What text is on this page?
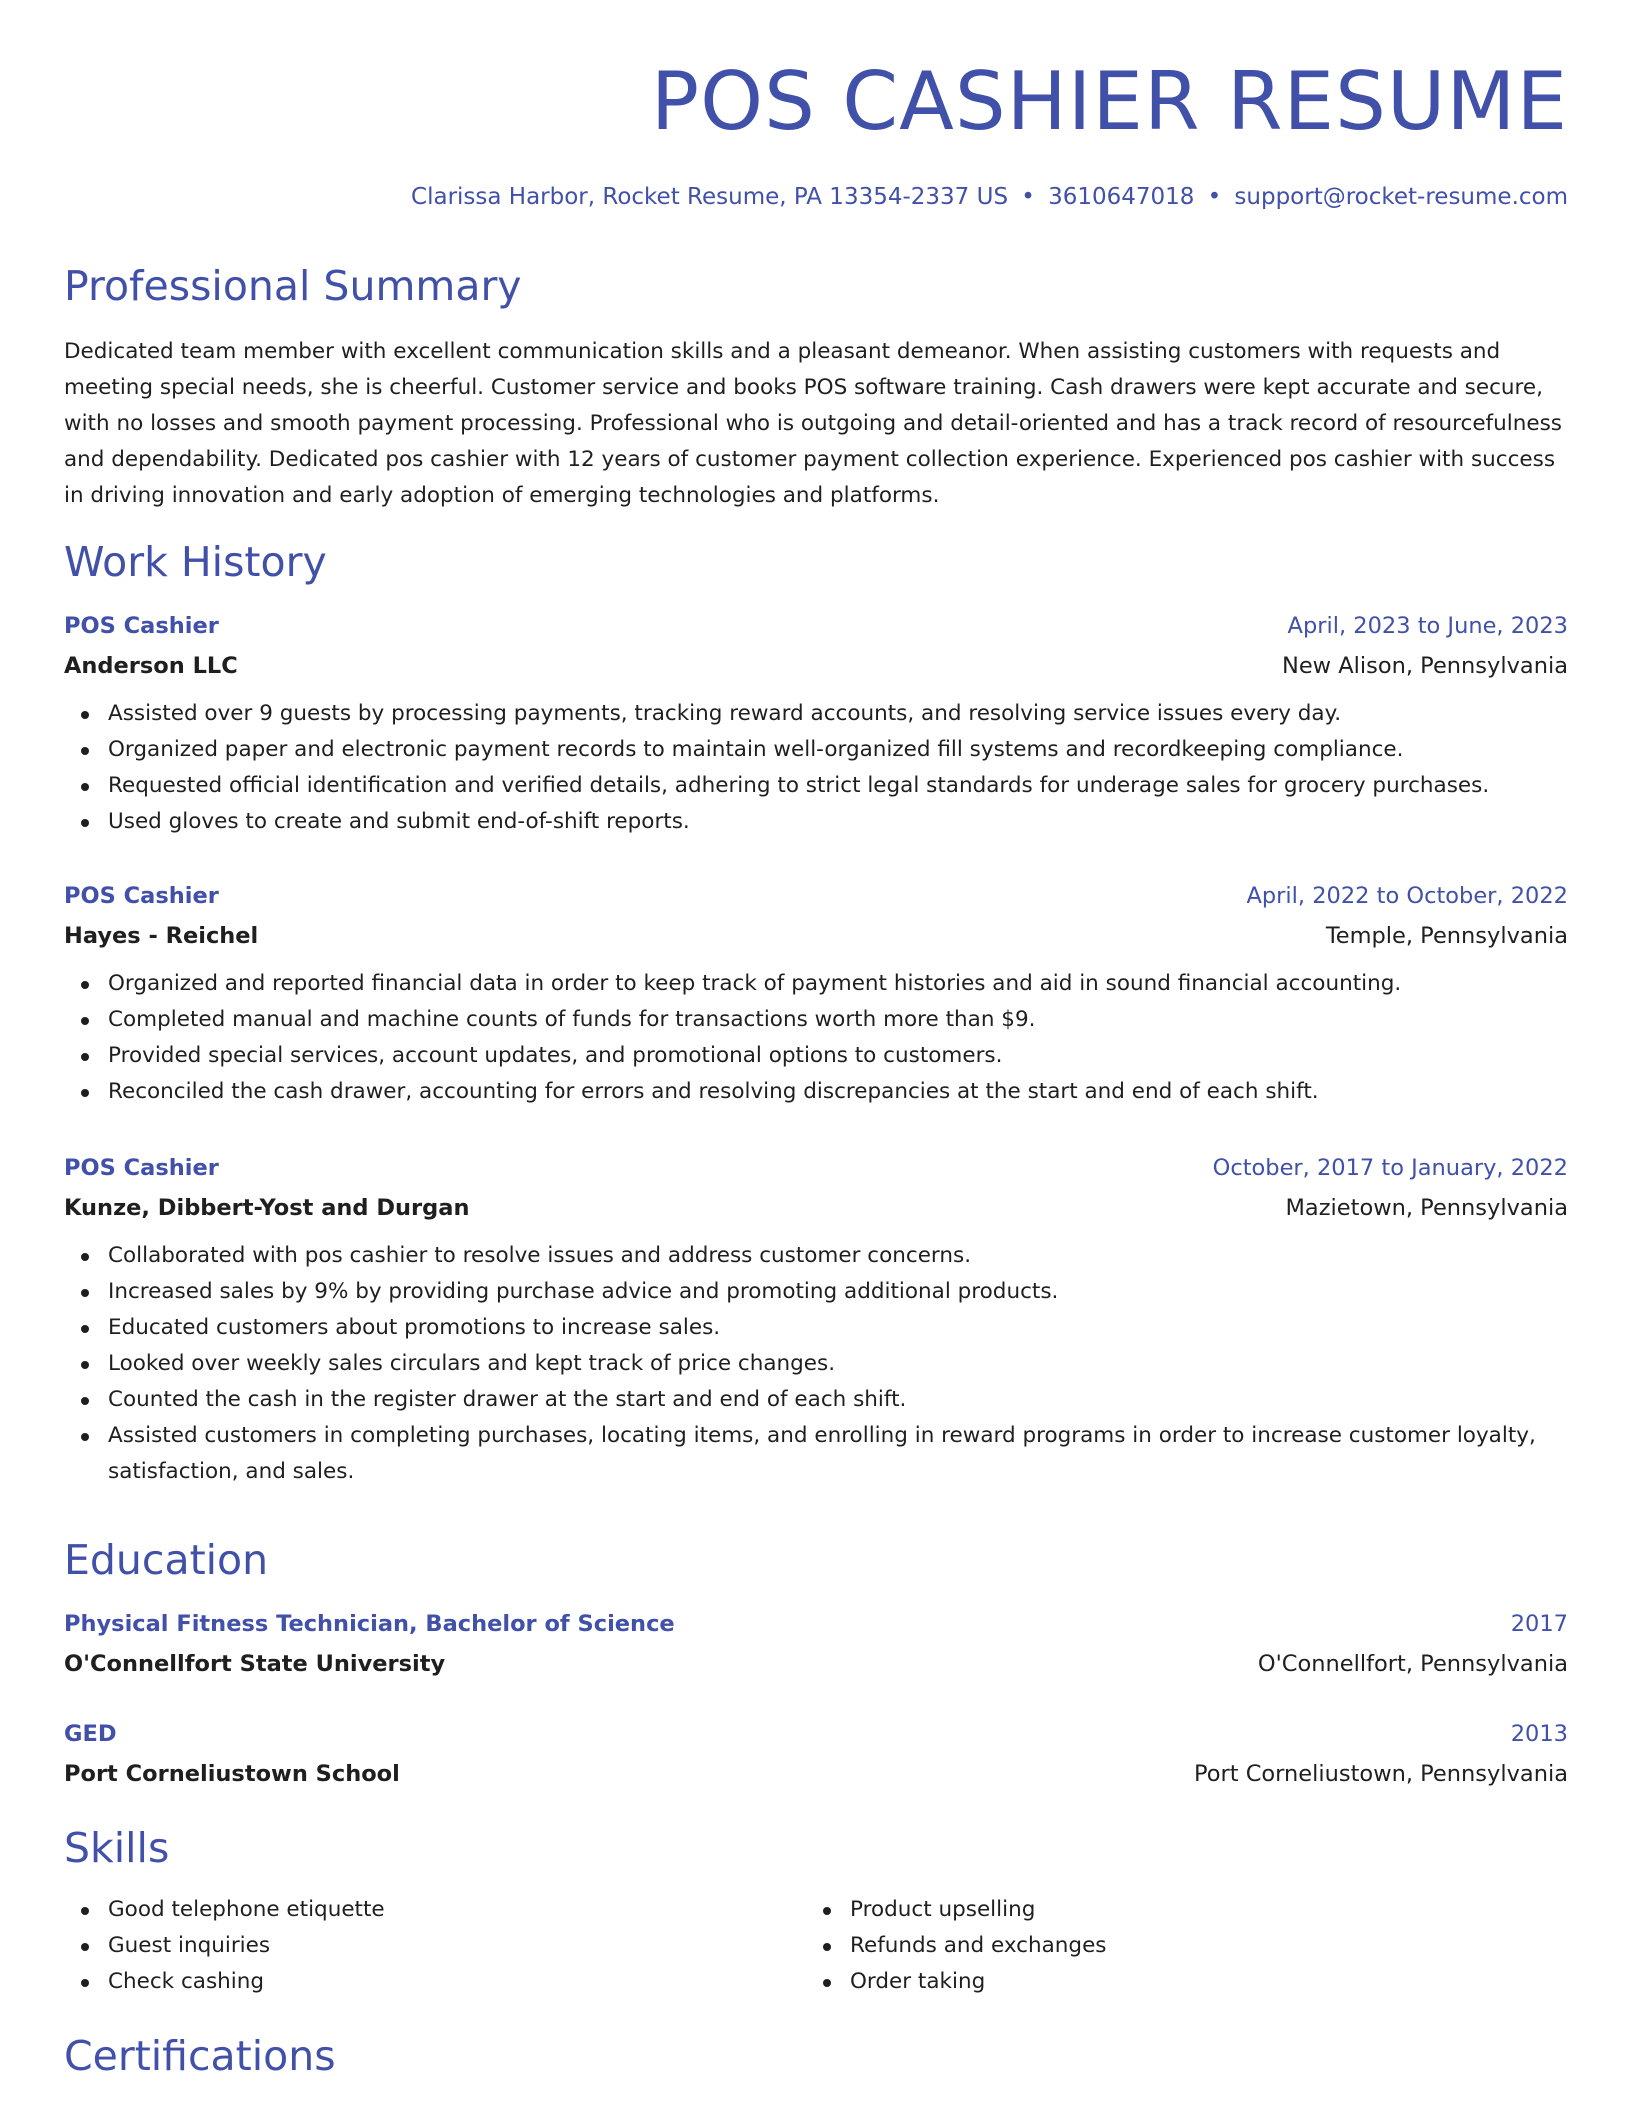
POS CASHIER RESUME
Clarissa Harbor, Rocket Resume, PA 13354-2337 US • 3610647018 • support@rocket-resume.com
Professional Summary

Dedicated team member with excellent communication skills and a pleasant demeanor. When assisting customers with requests and meeting special needs, she is cheerful. Customer service and books POS software training. Cash drawers were kept accurate and secure, with no losses and smooth payment processing. Professional who is outgoing and detail-oriented and has a track record of resourcefulness and dependability. Dedicated pos cashier with 12 years of customer payment collection experience. Experienced pos cashier with success in driving innovation and early adoption of emerging technologies and platforms.

Work History
POS Cashier	April, 2023 to June, 2023
Anderson LLC	New Alison, Pennsylvania
Assisted over 9 guests by processing payments, tracking reward accounts, and resolving service issues every day.
Organized paper and electronic payment records to maintain well-organized fill systems and recordkeeping compliance.
Requested official identification and verified details, adhering to strict legal standards for underage sales for grocery purchases.
Used gloves to create and submit end-of-shift reports.
POS Cashier	April, 2022 to October, 2022
Hayes - Reichel	Temple, Pennsylvania
Organized and reported financial data in order to keep track of payment histories and aid in sound financial accounting.
Completed manual and machine counts of funds for transactions worth more than $9.
Provided special services, account updates, and promotional options to customers.
Reconciled the cash drawer, accounting for errors and resolving discrepancies at the start and end of each shift.
POS Cashier	October, 2017 to January, 2022
Kunze, Dibbert-Yost and Durgan	Mazietown, Pennsylvania
Collaborated with pos cashier to resolve issues and address customer concerns.
Increased sales by 9% by providing purchase advice and promoting additional products.
Educated customers about promotions to increase sales.
Looked over weekly sales circulars and kept track of price changes.
Counted the cash in the register drawer at the start and end of each shift.
Assisted customers in completing purchases, locating items, and enrolling in reward programs in order to increase customer loyalty, satisfaction, and sales.
Education
Physical Fitness Technician, Bachelor of Science	2017
O'Connellfort State University	O'Connellfort, Pennsylvania
GED	2013
Port Corneliustown School	Port Corneliustown, Pennsylvania
Skills
Good telephone etiquette
Guest inquiries
Check cashing
Product upselling
Refunds and exchanges
Order taking
Certifications
